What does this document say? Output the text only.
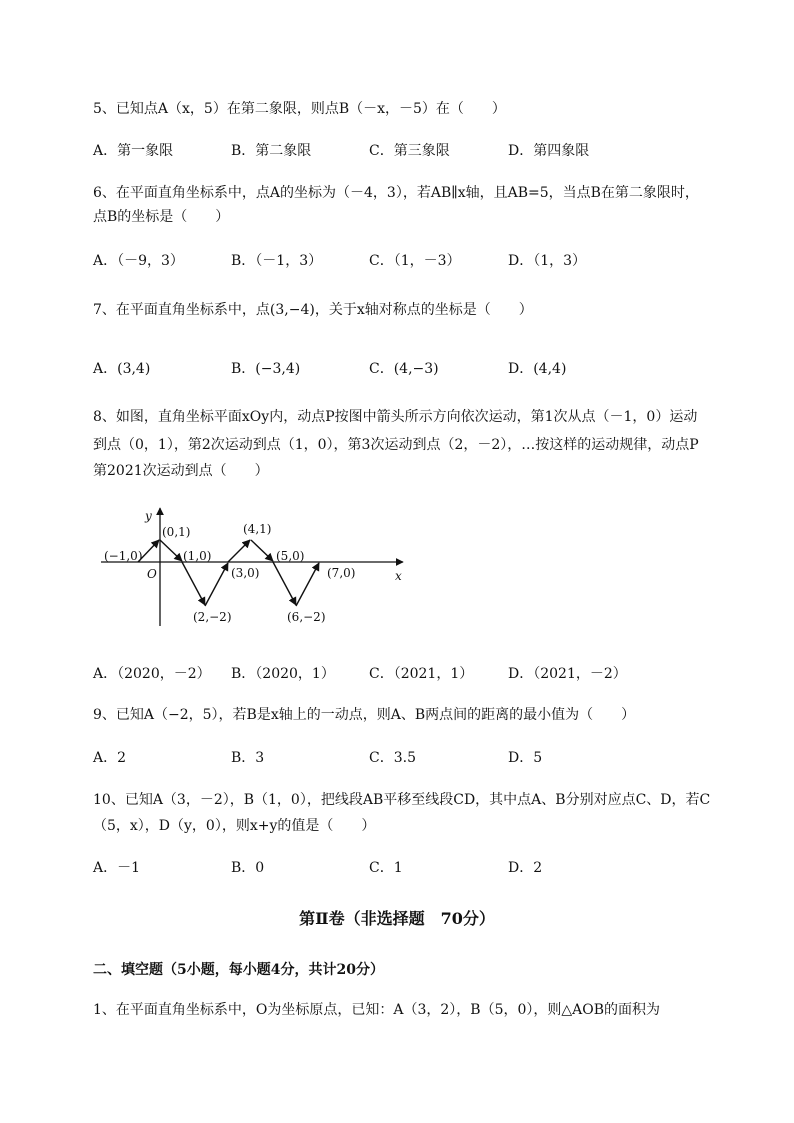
5、已知点A（x，5）在第二象限，则点B（－x，－5）在（　　）
A．第一象限	B．第二象限	C．第三象限	D．第四象限
6、在平面直角坐标系中，点A的坐标为（－4，3），若AB∥x轴，且AB=5，当点B在第二象限时，
点B的坐标是（　　）
A．（－9，3）	B．（－1，3）	C．（1，－3）	D．（1，3）
7、在平面直角坐标系中，点(3,−4)，关于x轴对称点的坐标是（　　）
A．(3,4)	B．(−3,4)	C．(4,−3)	D．(4,4)
8、如图，直角坐标平面xOy内，动点P按图中箭头所示方向依次运动，第1次从点（－1，0）运动
到点（0，1），第2次运动到点（1，0），第3次运动到点（2，－2），…按这样的运动规律，动点P
第2021次运动到点（　　）
y
x
O
(−1,0)
(0,1)
(1,0)
(2,−2)
(3,0)
(4,1)
(5,0)
(6,−2)
(7,0)
A．（2020，－2） B．（2020，1） C．（2021，1） D．（2021，－2）
9、已知A（−2，5），若B是x轴上的一动点，则A、B两点间的距离的最小值为（　　）
A．2	B．3	C．3.5	D．5
10、已知A（3，－2），B（1，0），把线段AB平移至线段CD，其中点A、B分别对应点C、D，若C
（5，x），D（y，0），则x+y的值是（　　）
A．－1	B．0	C．1	D．2
第Ⅱ卷（非选择题　70分）
二、填空题（5小题，每小题4分，共计20分）
1、在平面直角坐标系中，O为坐标原点，已知：A（3，2），B（5，0），则△AOB的面积为
